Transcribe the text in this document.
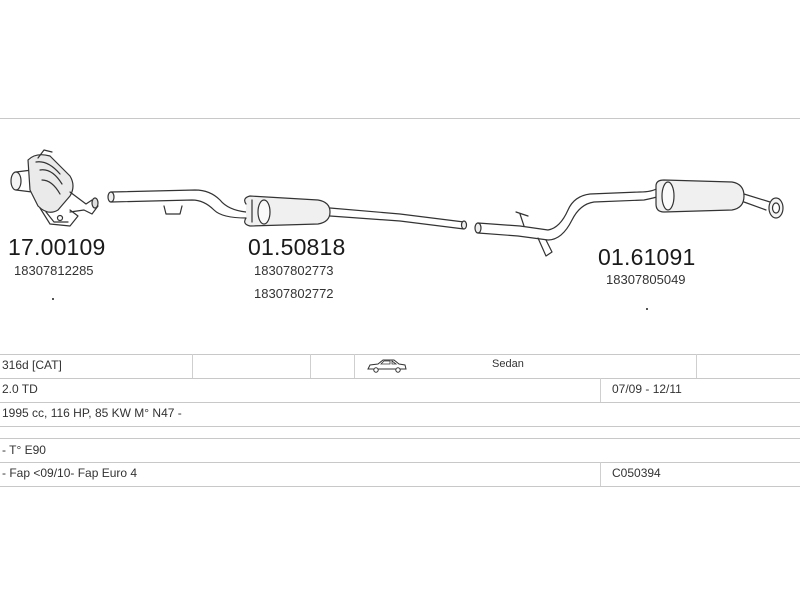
17.00109
18307812285
01.50818
18307802773
18307802772
01.61091
18307805049
316d [CAT]	Sedan
2.0 TD	07/09 - 12/11
1995 cc, 116 HP, 85 KW M° N47 -
- T° E90
- Fap <09/10- Fap Euro 4	C050394
